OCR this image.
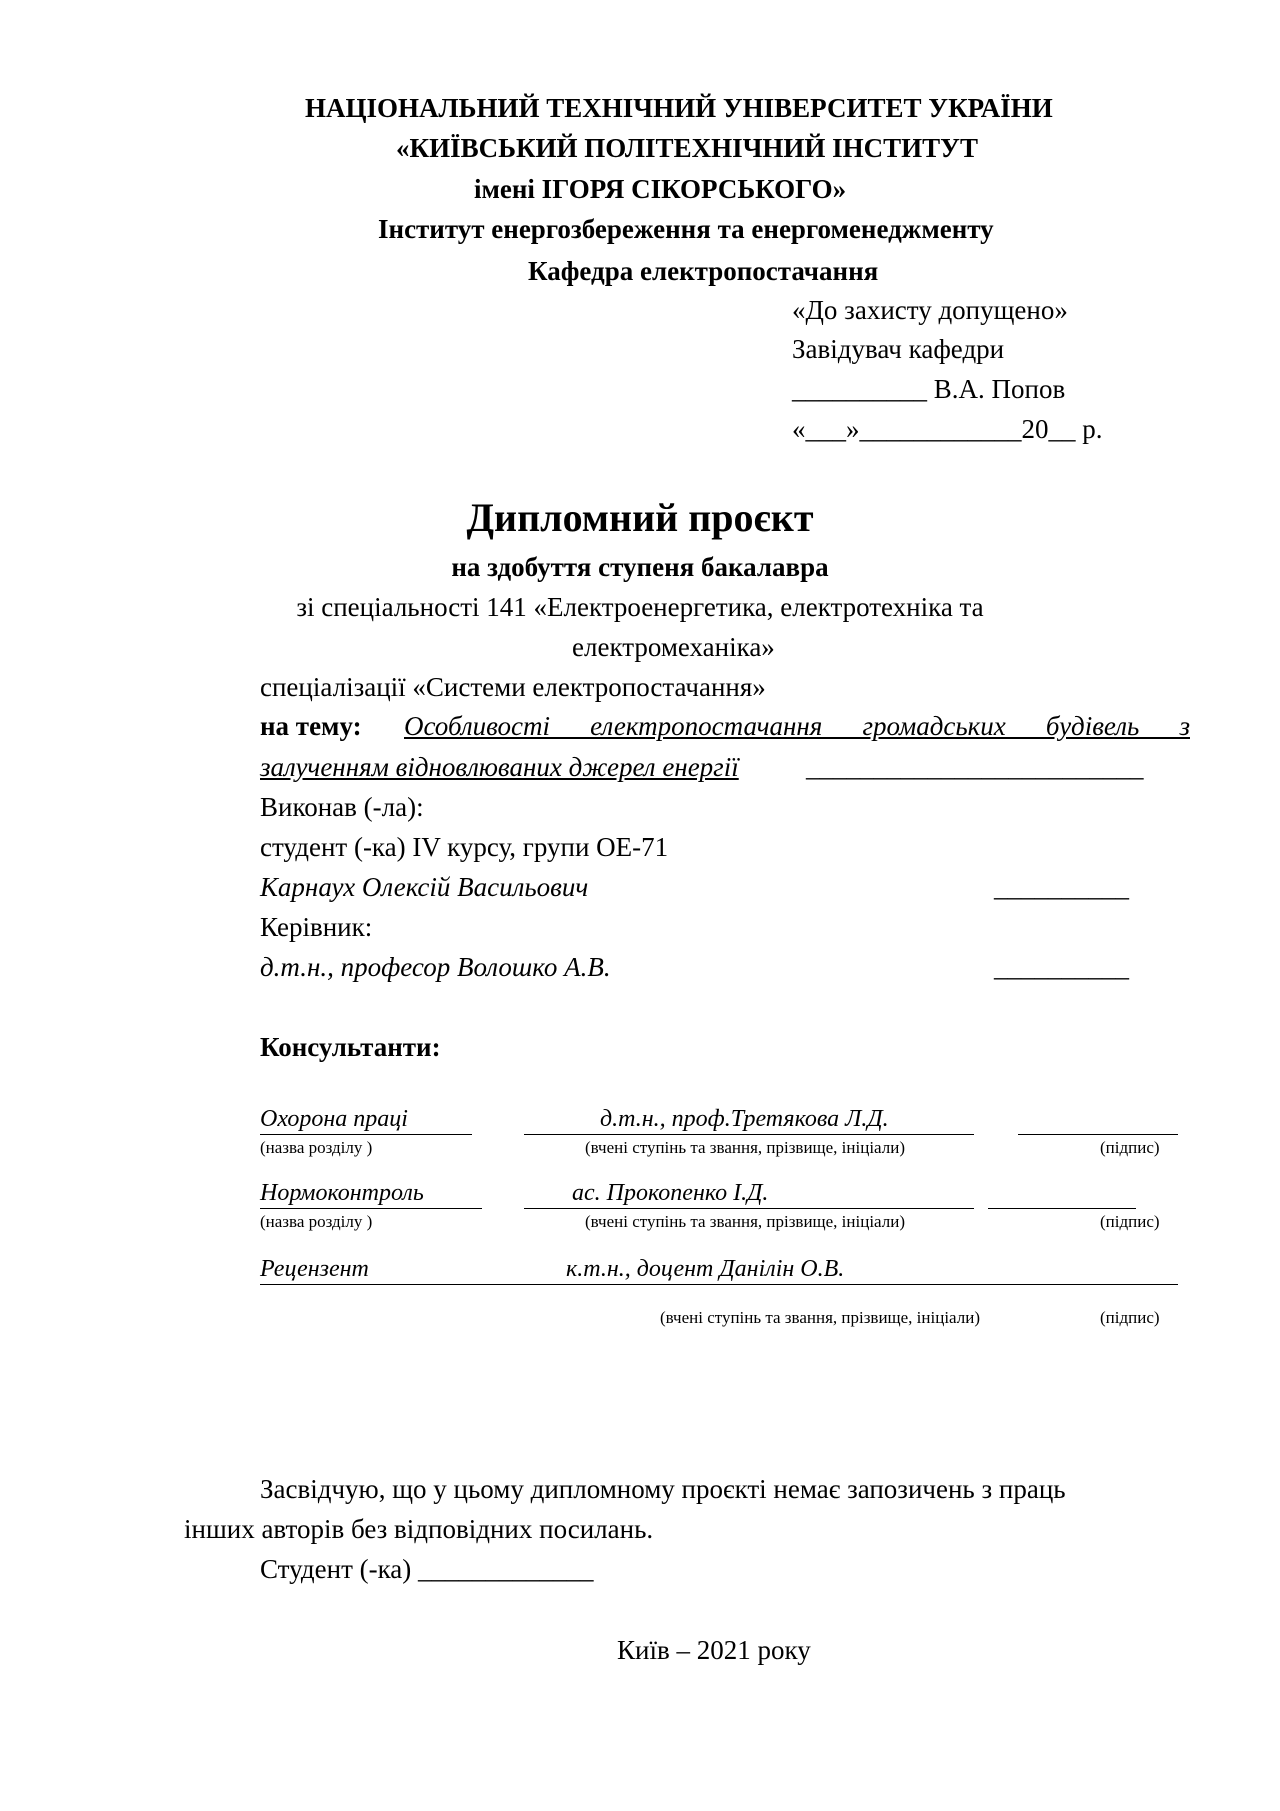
НАЦІОНАЛЬНИЙ ТЕХНІЧНИЙ УНІВЕРСИТЕТ УКРАЇНИ
«КИЇВСЬКИЙ ПОЛІТЕХНІЧНИЙ ІНСТИТУТ
імені ІГОРЯ СІКОРСЬКОГО»
Інститут енергозбереження та енергоменеджменту
Кафедра електропостачання
«До захисту допущено»
Завідувач кафедри
__________ В.А. Попов
«___»____________20__ р.
Дипломний проєкт
на здобуття ступеня бакалавра
зі спеціальності 141 «Електроенергетика, електротехніка та
електромеханіка»
спеціалізації «Системи електропостачання»
на тему: Особливості електропостачання громадських будівель з
залученням відновлюваних джерел енергії _________________________
Виконав (-ла):
студент (-ка) IV курсу, групи ОЕ-71
Карнаух Олексій Васильович	__________
Керівник:
д.т.н., професор Волошко А.В.	__________
Консультанти:
Охорона праці	д.т.н., проф.Третякова Л.Д.
(назва розділу )	(вчені ступінь та звання, прізвище, ініціали)	(підпис)
Нормоконтроль	ас. Прокопенко І.Д.
(назва розділу )	(вчені ступінь та звання, прізвище, ініціали)	(підпис)
Рецензент	к.т.н., доцент Данілін О.В.
(вчені ступінь та звання, прізвище, ініціали)	(підпис)
Засвідчую, що у цьому дипломному проєкті немає запозичень з праць
інших авторів без відповідних посилань.
Студент (-ка) _____________
Київ – 2021 року
